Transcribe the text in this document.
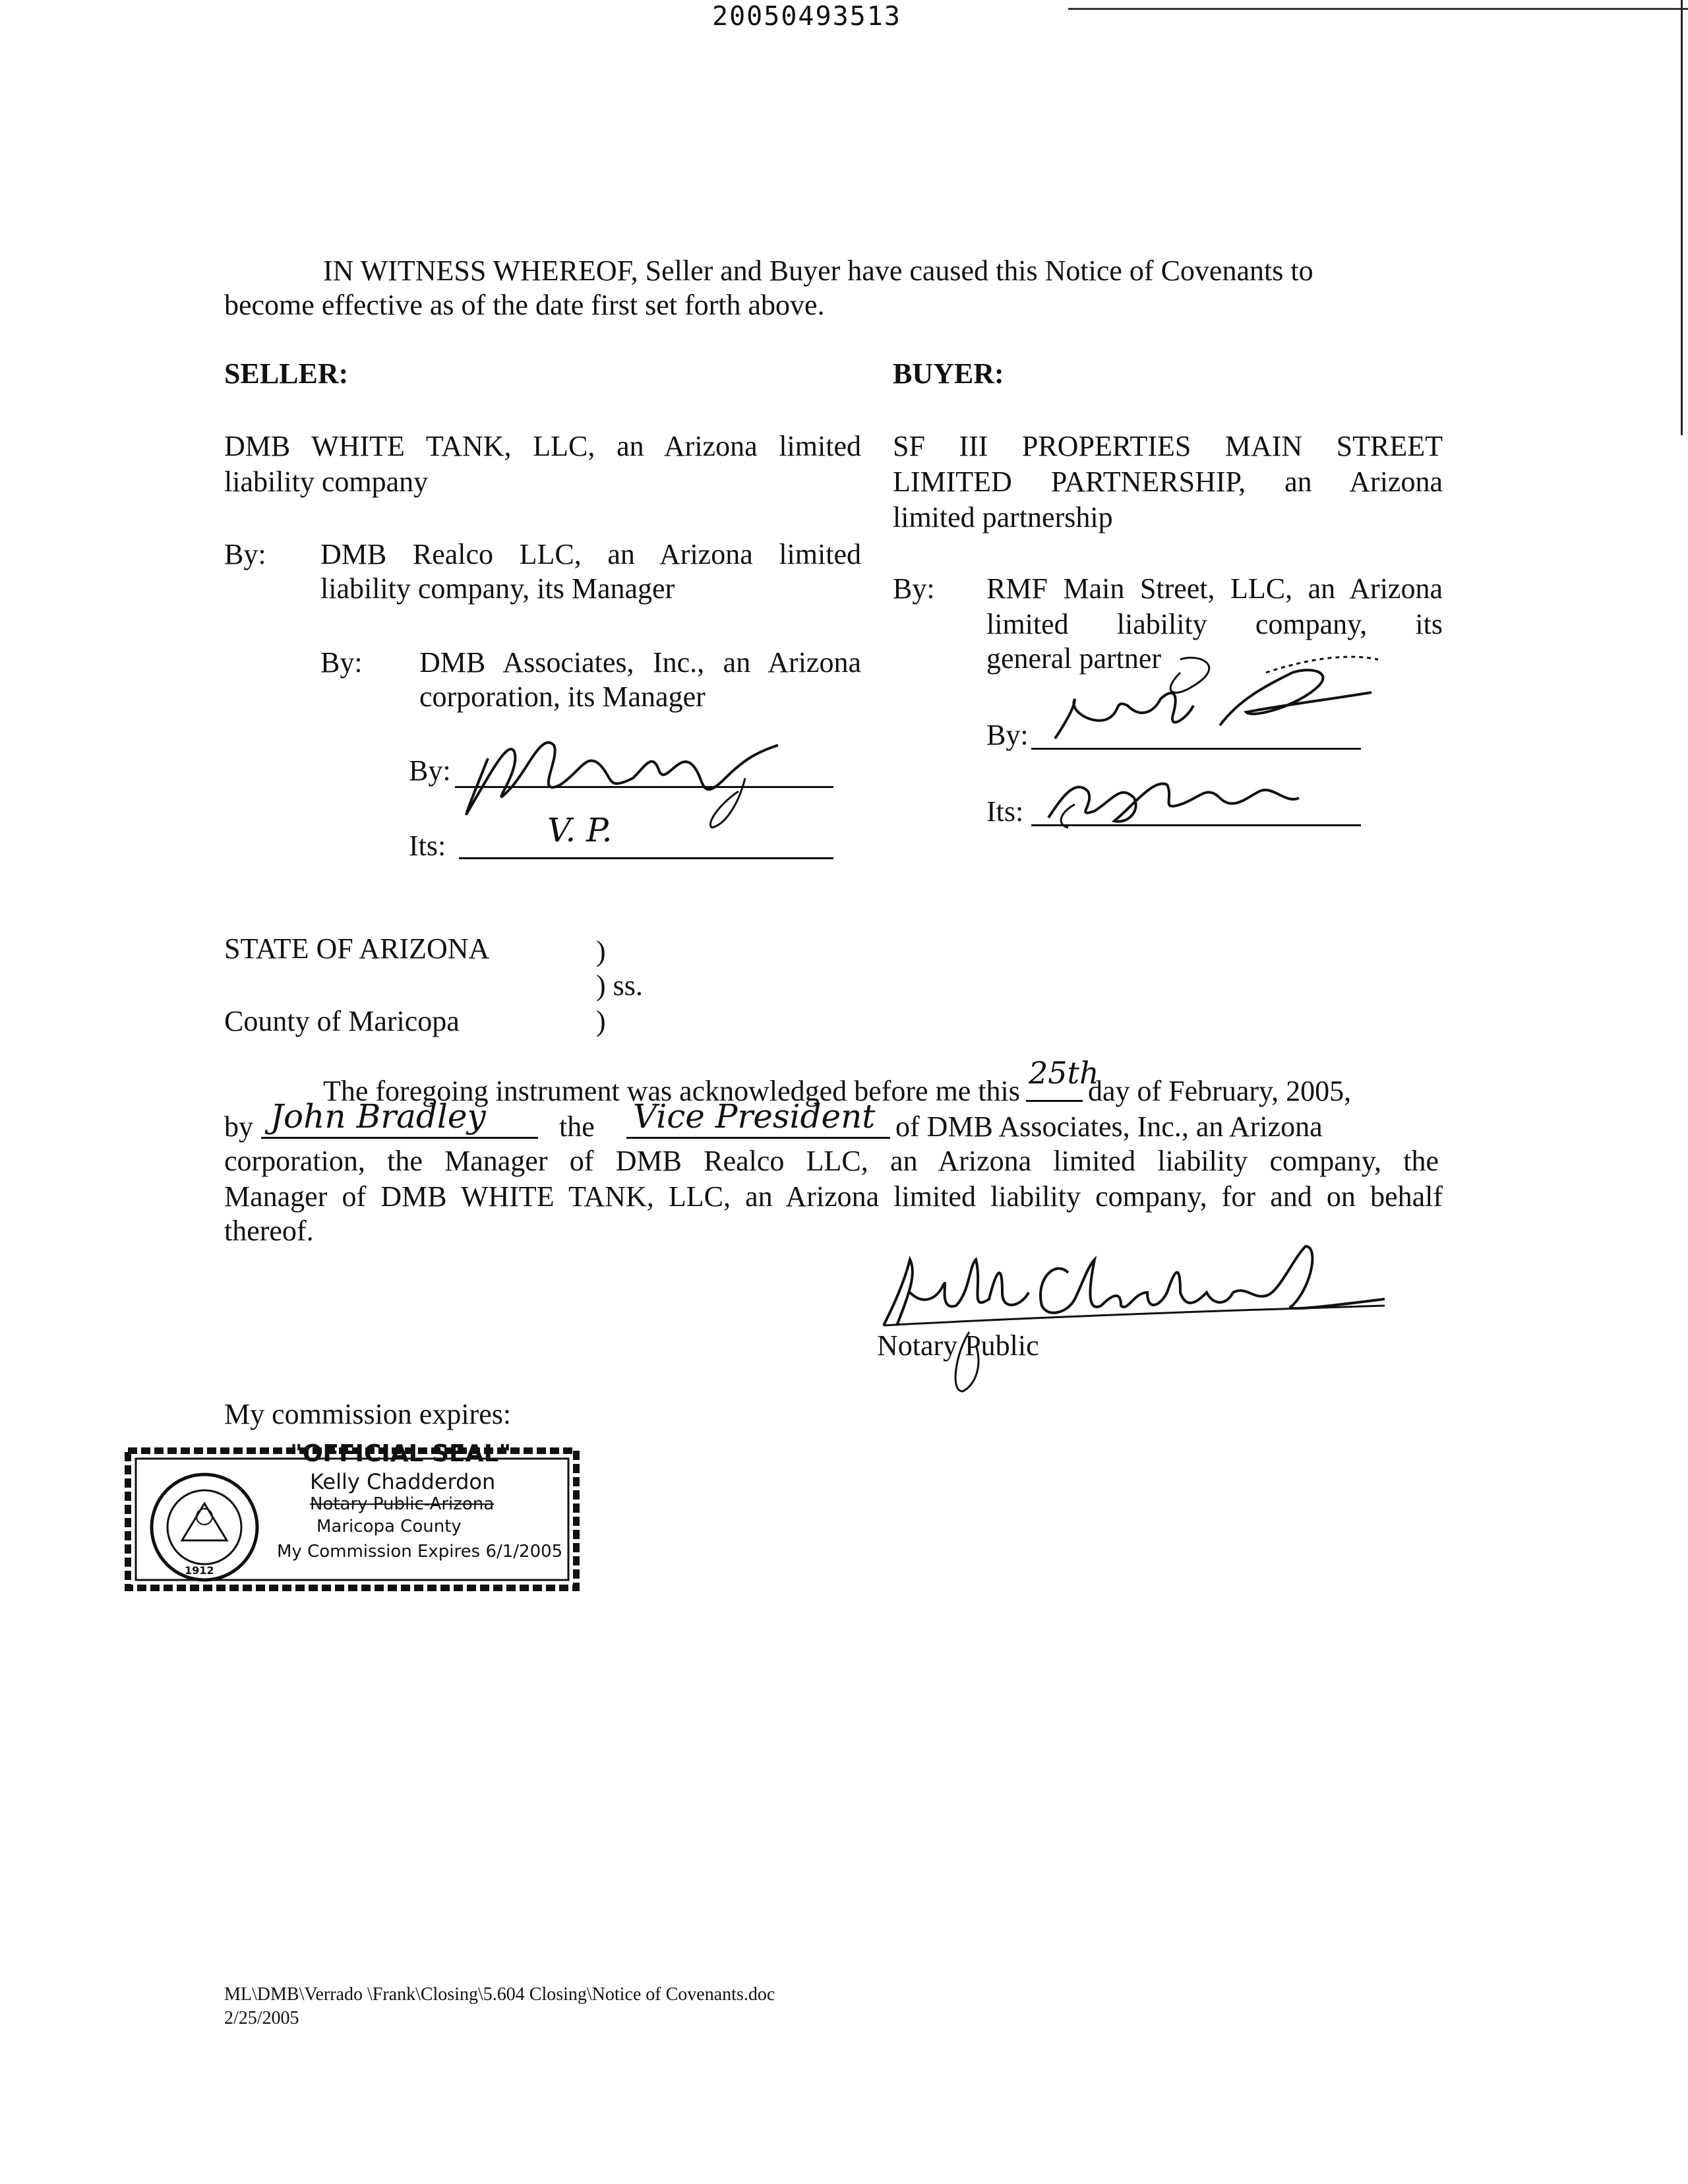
20050493513
IN WITNESS WHEREOF, Seller and Buyer have caused this Notice of Covenants to
become effective as of the date first set forth above.
SELLER:
DMB WHITE TANK, LLC, an Arizona limited
liability company
By: DMB Realco LLC, an Arizona limited
liability company, its Manager
By: DMB Associates, Inc., an Arizona
corporation, its Manager
By:
Its:	V. P.
BUYER:
SF III PROPERTIES MAIN STREET
LIMITED PARTNERSHIP, an Arizona
limited partnership
By: RMF Main Street, LLC, an Arizona
limited liability company, its
general partner
By:
Its:
STATE OF ARIZONA	)
) ss.
County of Maricopa	)
The foregoing instrument was acknowledged before me this
25th
day of February, 2005,
by John Bradley	the Vice President of DMB Associates, Inc., an Arizona
corporation, the Manager of DMB Realco LLC, an Arizona limited liability company, the
Manager of DMB WHITE TANK, LLC, an Arizona limited liability company, for and on behalf
thereof.
Notary Public
My commission expires:
1912
"OFFICIAL SEAL"
Kelly Chadderdon
Notary Public-Arizona
Maricopa County
My Commission Expires 6/1/2005
ML\DMB\Verrado \Frank\Closing\5.604 Closing\Notice of Covenants.doc
2/25/2005
